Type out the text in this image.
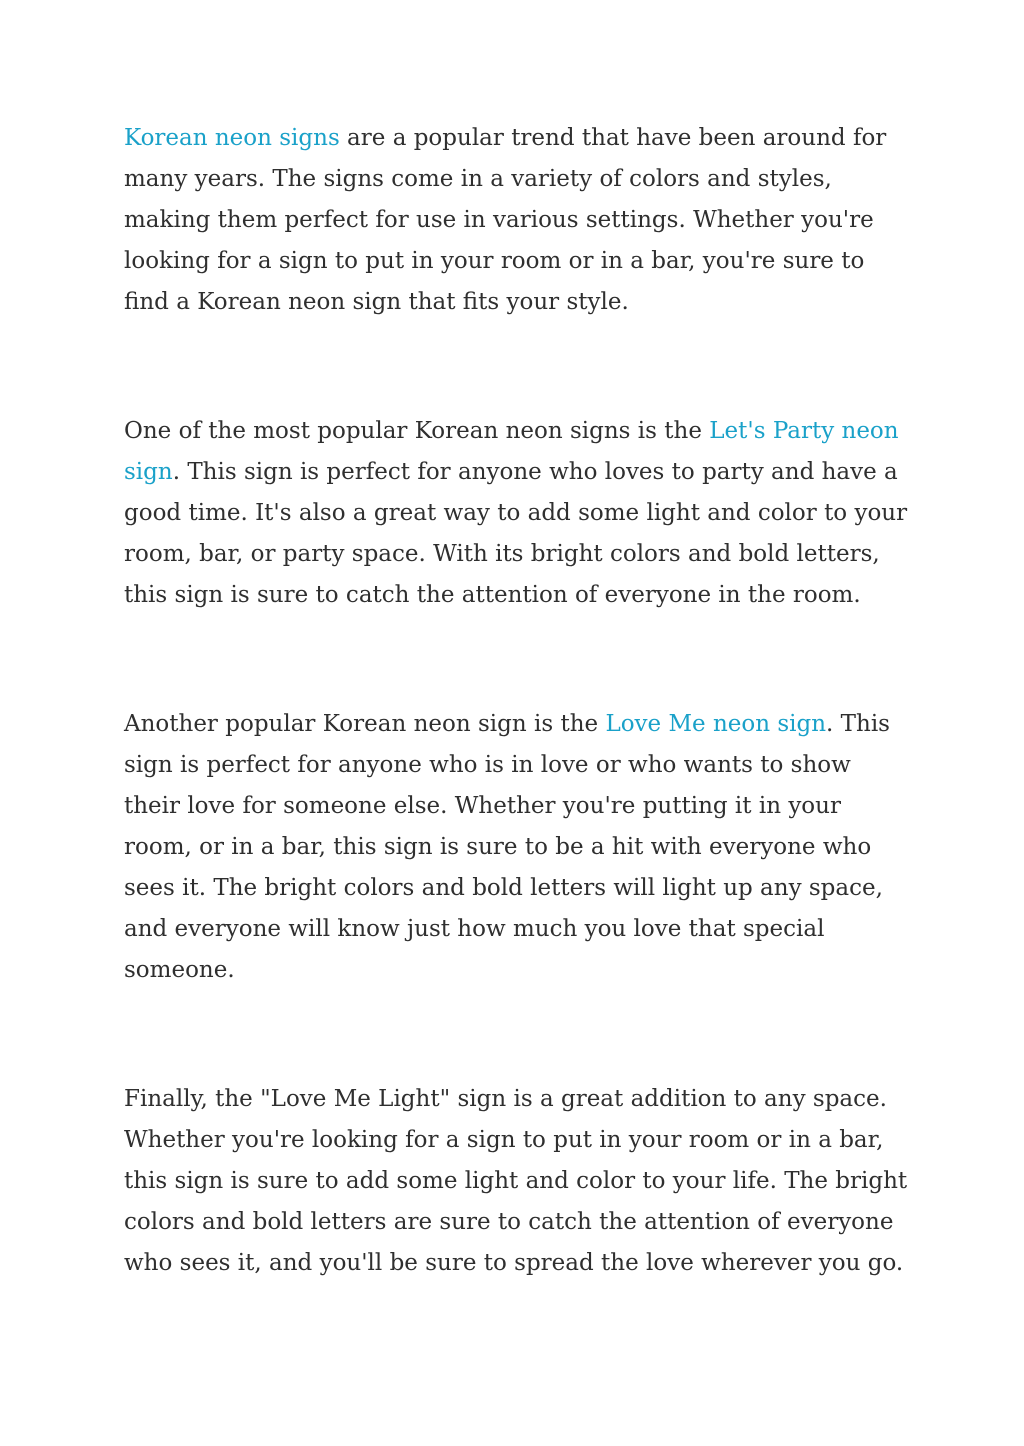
Korean neon signs are a popular trend that have been around for many years. The signs come in a variety of colors and styles, making them perfect for use in various settings. Whether you're looking for a sign to put in your room or in a bar, you're sure to find a Korean neon sign that fits your style.

One of the most popular Korean neon signs is the Let's Party neon sign. This sign is perfect for anyone who loves to party and have a good time. It's also a great way to add some light and color to your room, bar, or party space. With its bright colors and bold letters, this sign is sure to catch the attention of everyone in the room.

Another popular Korean neon sign is the Love Me neon sign. This sign is perfect for anyone who is in love or who wants to show their love for someone else. Whether you're putting it in your room, or in a bar, this sign is sure to be a hit with everyone who sees it. The bright colors and bold letters will light up any space, and everyone will know just how much you love that special someone.

Finally, the "Love Me Light" sign is a great addition to any space. Whether you're looking for a sign to put in your room or in a bar, this sign is sure to add some light and color to your life. The bright colors and bold letters are sure to catch the attention of everyone who sees it, and you'll be sure to spread the love wherever you go.
